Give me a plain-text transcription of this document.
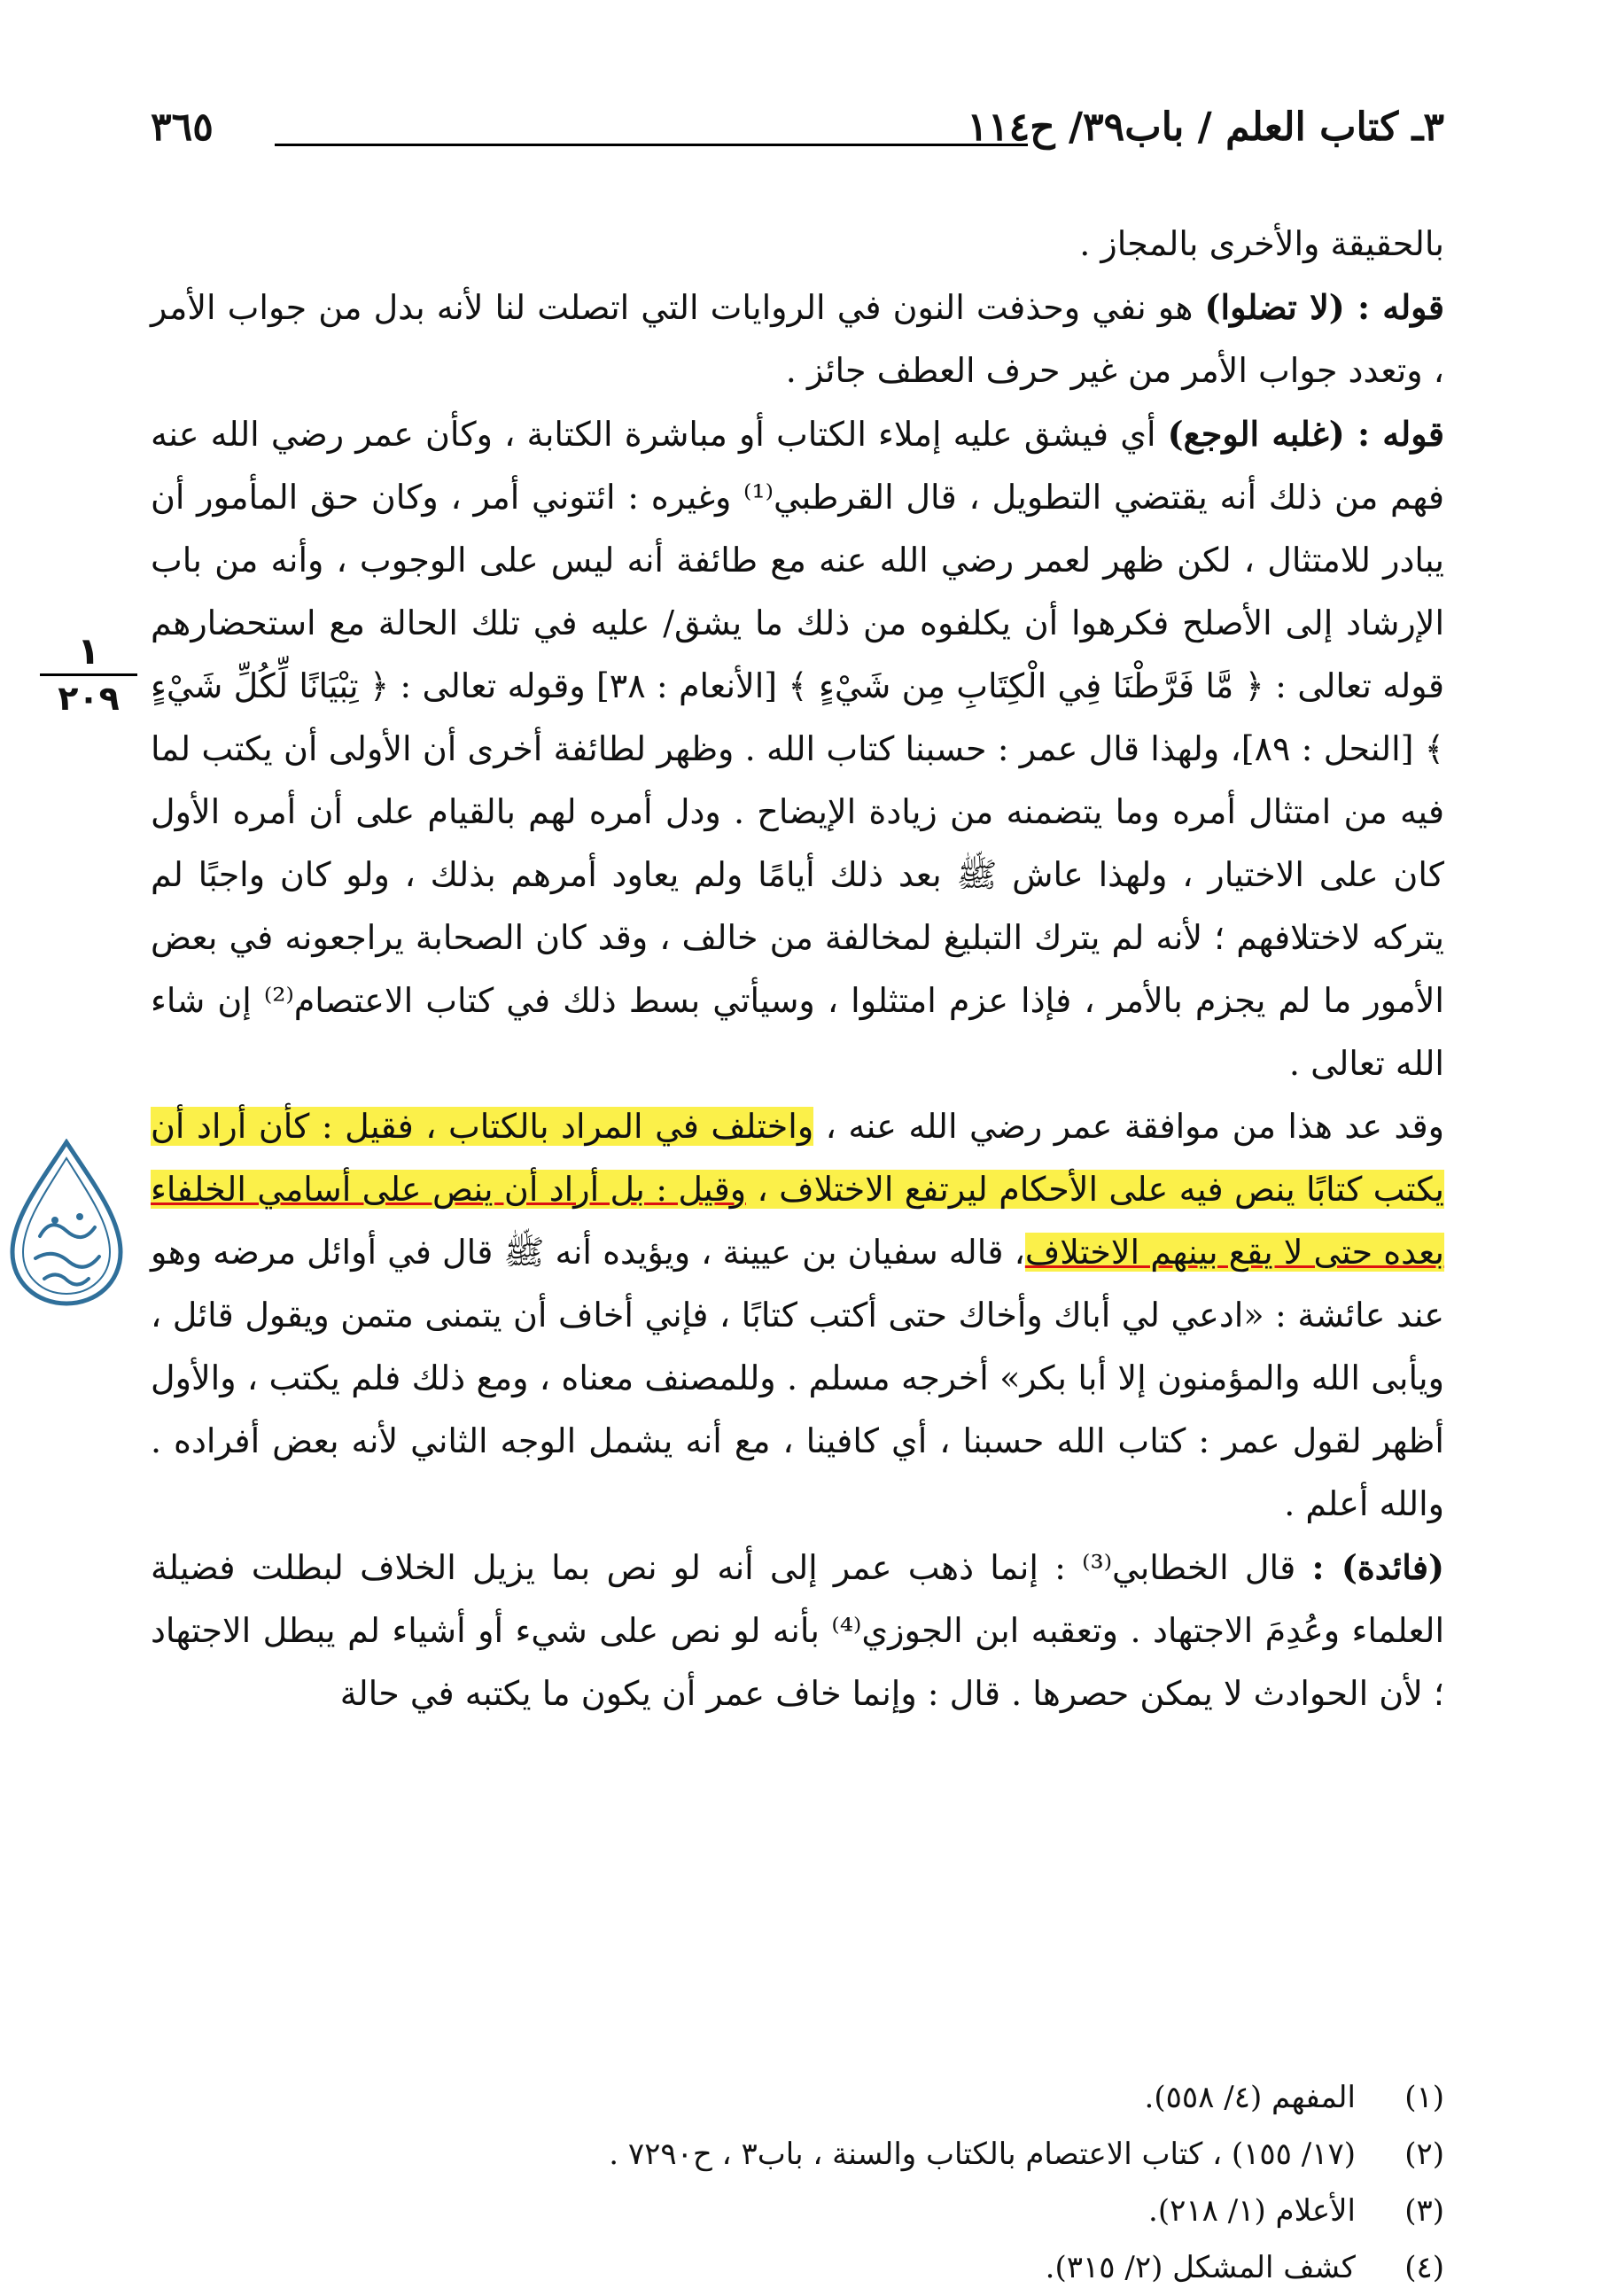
٣ـ كتاب العلم / باب٣٩/ ح١١٤
٣٦٥
١
٢٠٩

بالحقيقة والأخرى بالمجاز .

قوله : (لا تضلوا) هو نفي وحذفت النون في الروايات التي اتصلت لنا لأنه بدل من جواب الأمر ، وتعدد جواب الأمر من غير حرف العطف جائز .

قوله : (غلبه الوجع) أي فيشق عليه إملاء الكتاب أو مباشرة الكتابة ، وكأن عمر رضي الله عنه فهم من ذلك أنه يقتضي التطويل ، قال القرطبي⁽¹⁾ وغيره : ائتوني أمر ، وكان حق المأمور أن يبادر للامتثال ، لكن ظهر لعمر رضي الله عنه مع طائفة أنه ليس على الوجوب ، وأنه من باب الإرشاد إلى الأصلح فكرهوا أن يكلفوه من ذلك ما يشق/ عليه في تلك الحالة مع استحضارهم قوله تعالى : ﴿ مَّا فَرَّطْنَا فِي الْكِتَابِ مِن شَيْءٍ ﴾ [الأنعام : ٣٨] وقوله تعالى : ﴿ تِبْيَانًا لِّكُلِّ شَيْءٍ ﴾ [النحل : ٨٩]، ولهذا قال عمر : حسبنا كتاب الله . وظهر لطائفة أخرى أن الأولى أن يكتب لما فيه من امتثال أمره وما يتضمنه من زيادة الإيضاح . ودل أمره لهم بالقيام على أن أمره الأول كان على الاختيار ، ولهذا عاش ﷺ بعد ذلك أيامًا ولم يعاود أمرهم بذلك ، ولو كان واجبًا لم يتركه لاختلافهم ؛ لأنه لم يترك التبليغ لمخالفة من خالف ، وقد كان الصحابة يراجعونه في بعض الأمور ما لم يجزم بالأمر ، فإذا عزم امتثلوا ، وسيأتي بسط ذلك في كتاب الاعتصام⁽²⁾ إن شاء الله تعالى .

وقد عد هذا من موافقة عمر رضي الله عنه ، واختلف في المراد بالكتاب ، فقيل : كأن أراد أن يكتب كتابًا ينص فيه على الأحكام ليرتفع الاختلاف ، وقيل : بل أراد أن ينص على أسامي الخلفاء بعده حتى لا يقع بينهم الاختلاف، قاله سفيان بن عيينة ، ويؤيده أنه ﷺ قال في أوائل مرضه وهو عند عائشة : «ادعي لي أباك وأخاك حتى أكتب كتابًا ، فإني أخاف أن يتمنى متمن ويقول قائل ، ويأبى الله والمؤمنون إلا أبا بكر» أخرجه مسلم . وللمصنف معناه ، ومع ذلك فلم يكتب ، والأول أظهر لقول عمر : كتاب الله حسبنا ، أي كافينا ، مع أنه يشمل الوجه الثاني لأنه بعض أفراده . والله أعلم .

(فائدة) : قال الخطابي⁽³⁾ : إنما ذهب عمر إلى أنه لو نص بما يزيل الخلاف لبطلت فضيلة العلماء وعُدِمَ الاجتهاد . وتعقبه ابن الجوزي⁽⁴⁾ بأنه لو نص على شيء أو أشياء لم يبطل الاجتهاد ؛ لأن الحوادث لا يمكن حصرها . قال : وإنما خاف عمر أن يكون ما يكتبه في حالة

(١)
المفهم (٤/ ٥٥٨).
(٢)
(١٧/ ١٥٥) ، كتاب الاعتصام بالكتاب والسنة ، باب٣ ، ح٧٢٩٠ .
(٣)
الأعلام (١/ ٢١٨).
(٤)
كشف المشكل (٢/ ٣١٥).
